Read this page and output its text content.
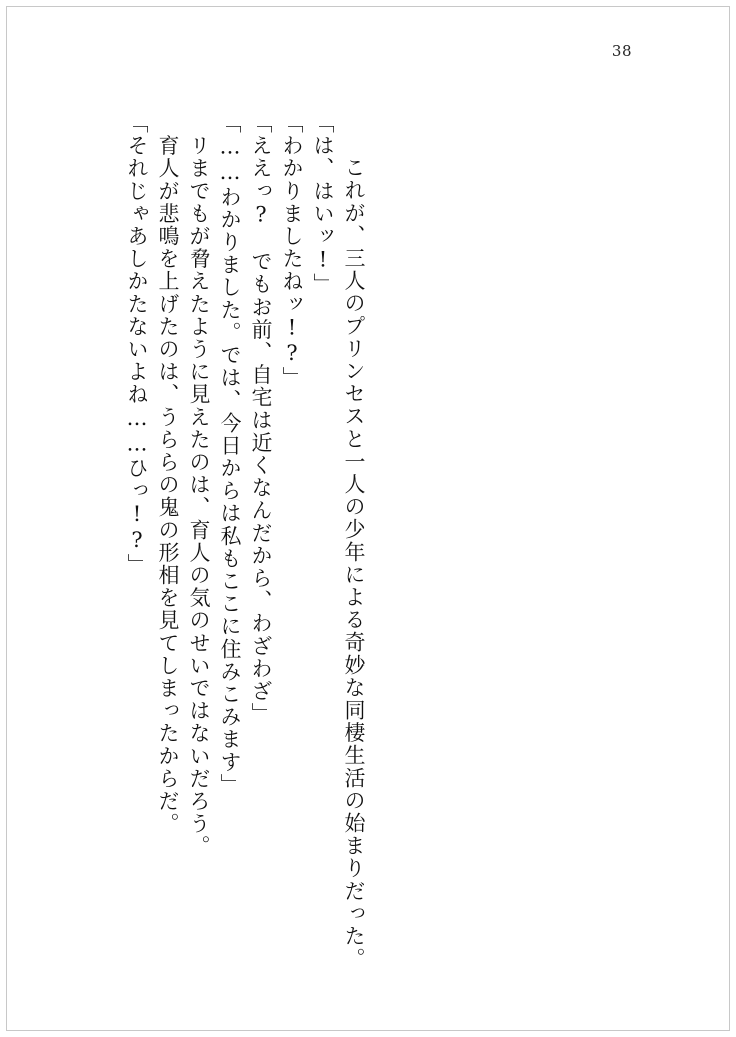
38
「それじゃあしかたないよね……ひっ!?」 　育人が悲鳴を上げたのは、うららの鬼の形相を見てしまったからだ。 　リまでもが脅えたように見えたのは、育人の気のせいではないだろう。 「……わかりました。では、今日からは私もここに住みこみます」 「ええっ?　でもお前、自宅は近くなんだから、わざわざ」 「わかりましたねッ!?」 「は、はいッ!」 　これが、三人のプリンセスと一人の少年による奇妙な同棲生活の始まりだった。
